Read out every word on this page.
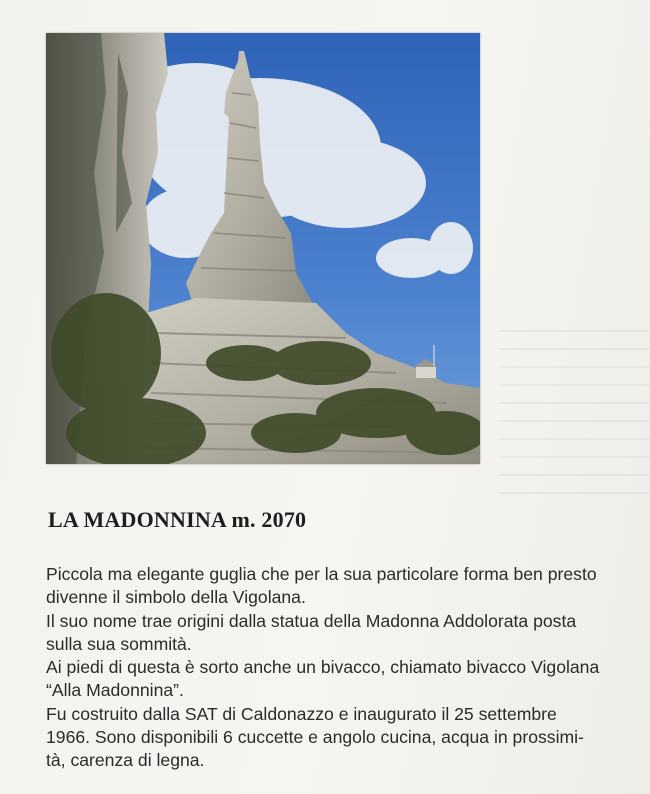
LA MADONNINA m. 2070
Piccola ma elegante guglia che per la sua particolare forma ben presto
divenne il simbolo della Vigolana.
Il suo nome trae origini dalla statua della Madonna Addolorata posta
sulla sua sommità.
Ai piedi di questa è sorto anche un bivacco, chiamato bivacco Vigolana
“Alla Madonnina”.
Fu costruito dalla SAT di Caldonazzo e inaugurato il 25 settembre
1966. Sono disponibili 6 cuccette e angolo cucina, acqua in prossimi-
tà, carenza di legna.
